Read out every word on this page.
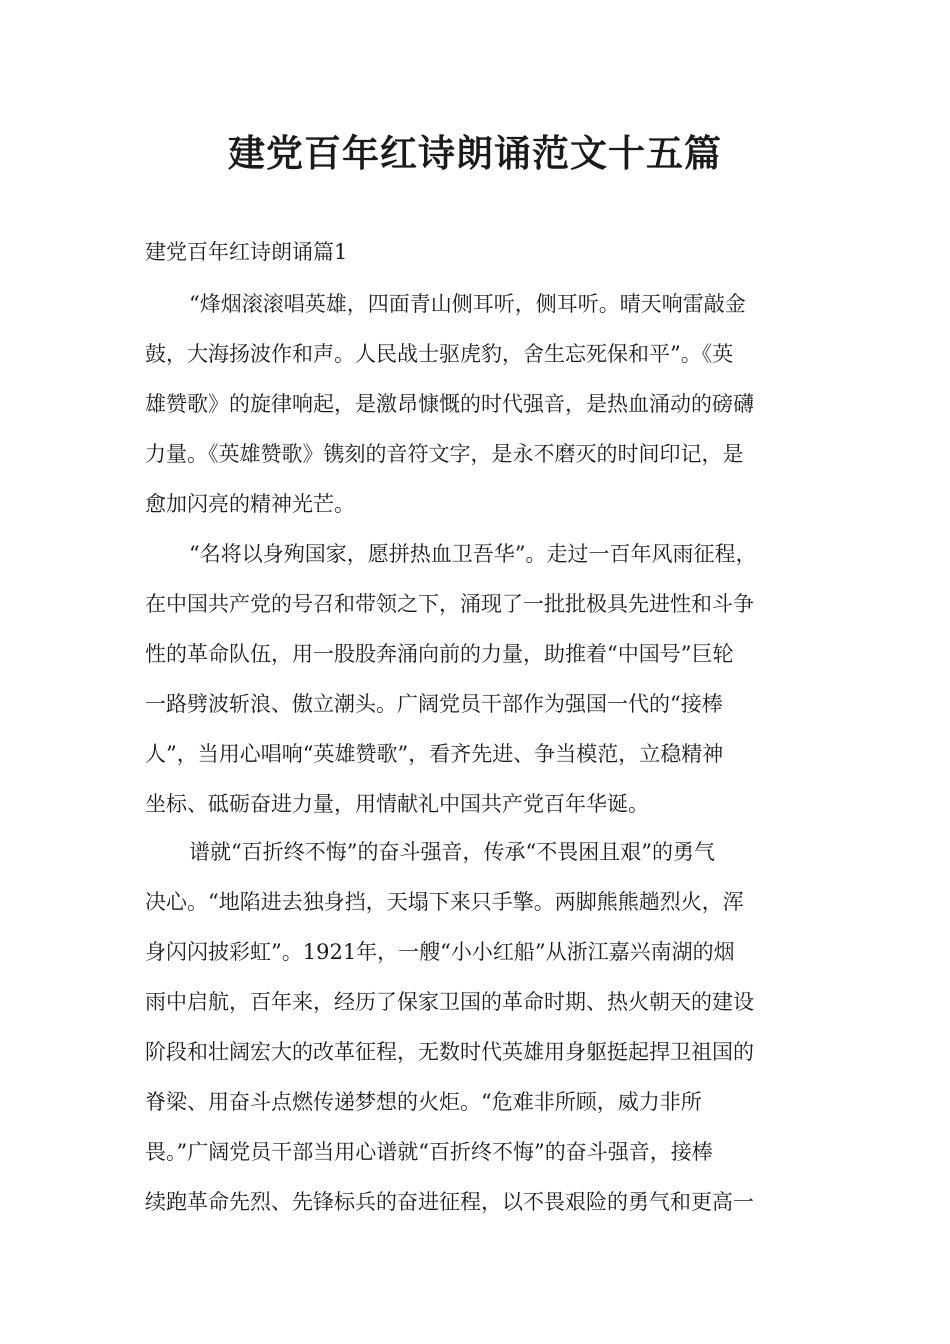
建党百年红诗朗诵范文十五篇
建党百年红诗朗诵篇1
“烽烟滚滚唱英雄，四面青山侧耳听，侧耳听。晴天响雷敲金
鼓，大海扬波作和声。人民战士驱虎豹，舍生忘死保和平”。《英
雄赞歌》的旋律响起，是激昂慷慨的时代强音，是热血涌动的磅礴
力量。《英雄赞歌》镌刻的音符文字，是永不磨灭的时间印记，是
愈加闪亮的精神光芒。
“名将以身殉国家，愿拼热血卫吾华”。走过一百年风雨征程，
在中国共产党的号召和带领之下，涌现了一批批极具先进性和斗争
性的革命队伍，用一股股奔涌向前的力量，助推着“中国号”巨轮
一路劈波斩浪、傲立潮头。广阔党员干部作为强国一代的“接棒
人”，当用心唱响“英雄赞歌”，看齐先进、争当模范，立稳精神
坐标、砥砺奋进力量，用情献礼中国共产党百年华诞。
谱就“百折终不悔”的奋斗强音，传承“不畏困且艰”的勇气
决心。“地陷进去独身挡，天塌下来只手擎。两脚熊熊趟烈火，浑
身闪闪披彩虹”。1921年，一艘“小小红船”从浙江嘉兴南湖的烟
雨中启航，百年来，经历了保家卫国的革命时期、热火朝天的建设
阶段和壮阔宏大的改革征程，无数时代英雄用身躯挺起捍卫祖国的
脊梁、用奋斗点燃传递梦想的火炬。“危难非所顾，威力非所
畏。”广阔党员干部当用心谱就“百折终不悔”的奋斗强音，接棒
续跑革命先烈、先锋标兵的奋进征程，以不畏艰险的勇气和更高一
